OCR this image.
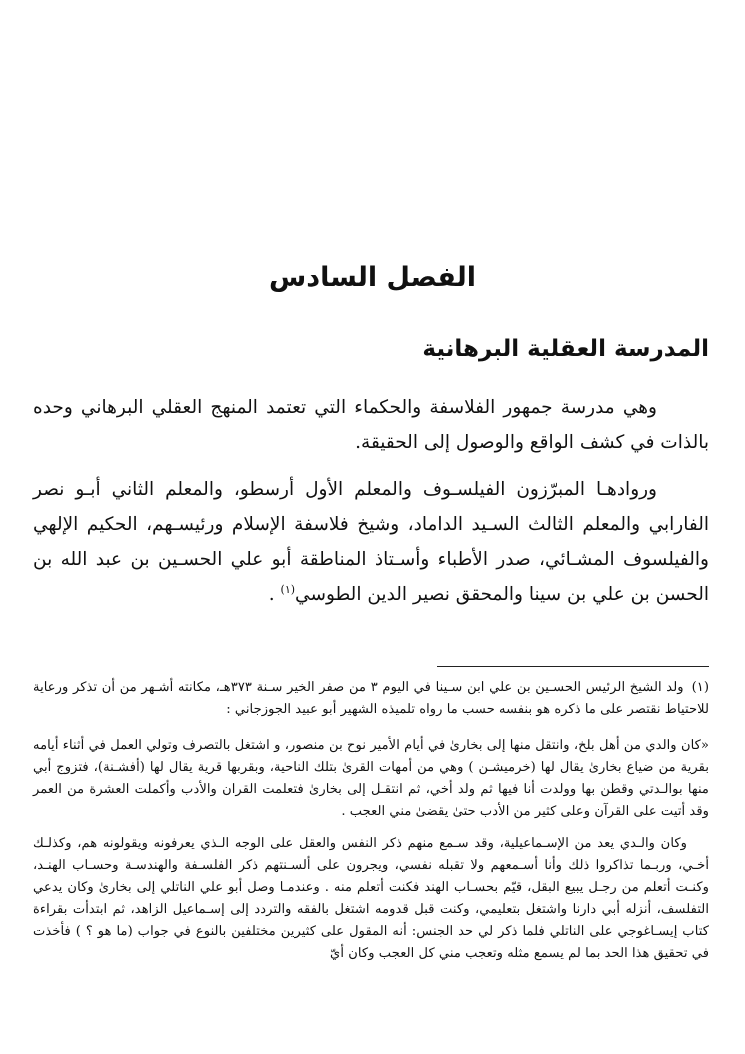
الفصل السادس
المدرسة العقلية البرهانية

وهي مدرسة جمهور الفلاسفة والحكماء التي تعتمد المنهج العقلي البرهاني وحده بالذات في كشف الواقع والوصول إلى الحقيقة.

وروادهـا المبرّزون الفيلسـوف والمعلم الأول أرسطو، والمعلم الثاني أبـو نصر الفارابي والمعلم الثالث السـيد الداماد، وشيخ فلاسفة الإسلام ورئيسـهم، الحكيم الإلهي والفيلسوف المشـائي، صدر الأطباء وأسـتاذ المناطقة أبو علي الحسـين بن عبد الله بن الحسن بن علي بن سينا والمحقق نصير الدين الطوسي$^{(١)}$ .

(١)ولد الشيخ الرئيس الحسـين بن علي ابن سـينا في اليوم ٣ من صفر الخير سـنة ٣٧٣هـ، مكانته أشـهر من أن تذكر ورعاية للاحتياط نقتصر على ما ذكره هو بنفسه حسب ما رواه تلميذه الشهير أبو عبيد الجوزجاني :

«كان والدي من أهل بلخ، وانتقل منها إلى بخارىٰ في أيام الأمير نوح بن منصور، و اشتغل بالتصرف وتولي العمل في أثناء أيامه بقرية من ضياع بخارىٰ يقال لها (خرميشـن ) وهي من أمهات القرىٰ بتلك الناحية، وبقربها قرية يقال لها (أفشـنة)، فتزوج أبي منها بوالـدتي وقطن بها وولدت أنا فيها ثم ولد أخي، ثم انتقـل إلى بخارىٰ فتعلمت القران والأدب وأكملت العشرة من العمر وقد أتيت على القرآن وعلى كثير من الأدب حتىٰ يقضىٰ مني العجب .

وكان والـدي يعد من الإسـماعيلية، وقد سـمع منهم ذكر النفس والعقل على الوجه الـذي يعرفونه ويقولونه هم، وكذلـك أخـي، وربـما تذاكروا ذلك وأنا أسـمعهم ولا تقبله نفسي، ويجرون على ألسـنتهم ذكر الفلسـفة والهندسـة وحسـاب الهنـد، وكنـت أتعلم من رجـل يبيع البقل، قيّم بحسـاب الهند فكنت أتعلم منه . وعندمـا وصل أبو علي الناتلي إلى بخارىٰ وكان يدعي التفلسف، أنزله أبي دارنا واشتغل بتعليمي، وكنت قبل قدومه اشتغل بالفقه والتردد إلى إسـماعيل الزاهد، ثم ابتدأت بقراءة كتاب إيسـاغوجي على الناتلي فلما ذكر لي حد الجنس: أنه المقول على كثيرين مختلفين بالنوع في جواب (ما هو ؟ ) فأخذت في تحقيق هذا الحد بما لم يسمع مثله وتعجب مني كل العجب وكان أيّ
